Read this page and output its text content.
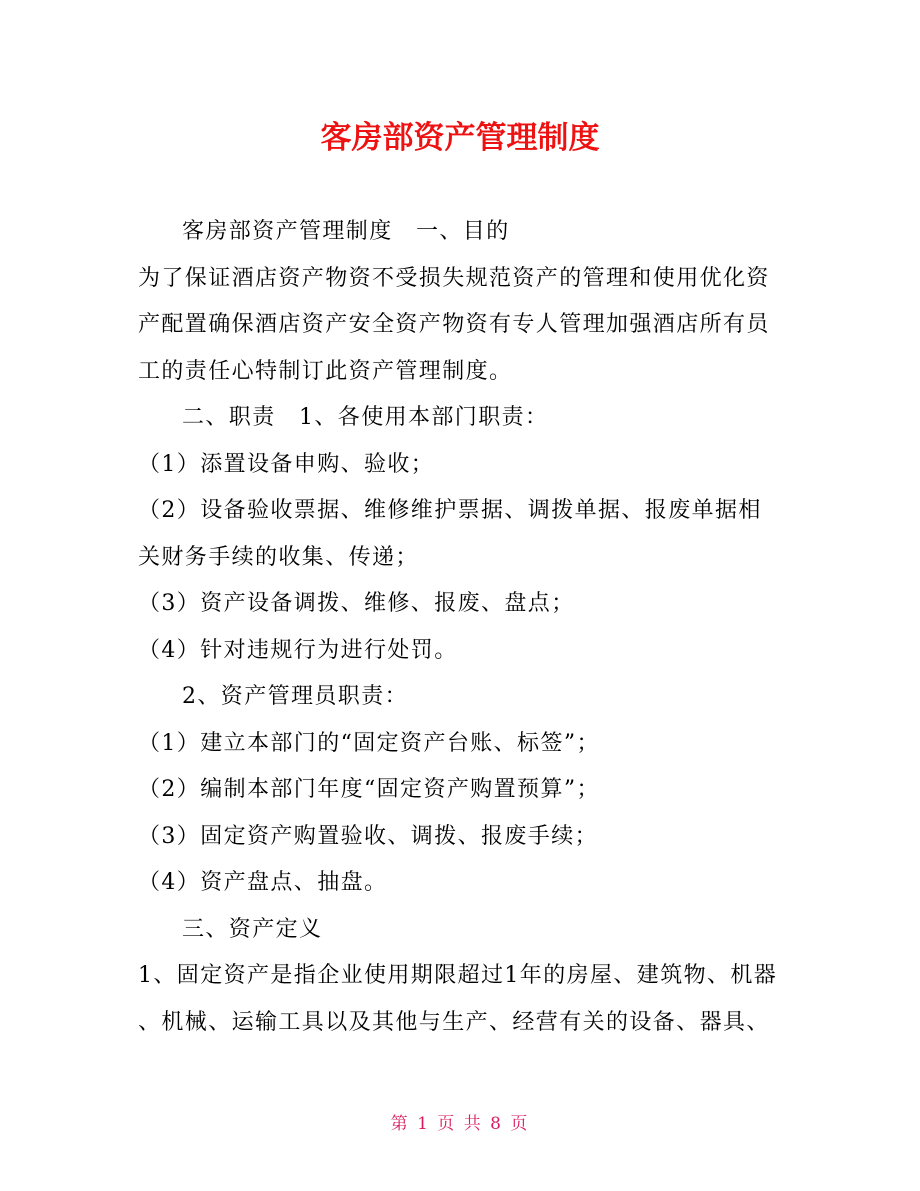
客房部资产管理制度

客房部资产管理制度　一、目的

为了保证酒店资产物资不受损失规范资产的管理和使用优化资

产配置确保酒店资产安全资产物资有专人管理加强酒店所有员

工的责任心特制订此资产管理制度。

二、职责　1、各使用本部门职责：

（1）添置设备申购、验收；

（2）设备验收票据、维修维护票据、调拨单据、报废单据相

关财务手续的收集、传递；

（3）资产设备调拨、维修、报废、盘点；

（4）针对违规行为进行处罚。

2、资产管理员职责：

（1）建立本部门的“固定资产台账、标签”；

（2）编制本部门年度“固定资产购置预算”；

（3）固定资产购置验收、调拨、报废手续；

（4）资产盘点、抽盘。

三、资产定义

1、固定资产是指企业使用期限超过1年的房屋、建筑物、机器

、机械、运输工具以及其他与生产、经营有关的设备、器具、

第 1 页 共 8 页
